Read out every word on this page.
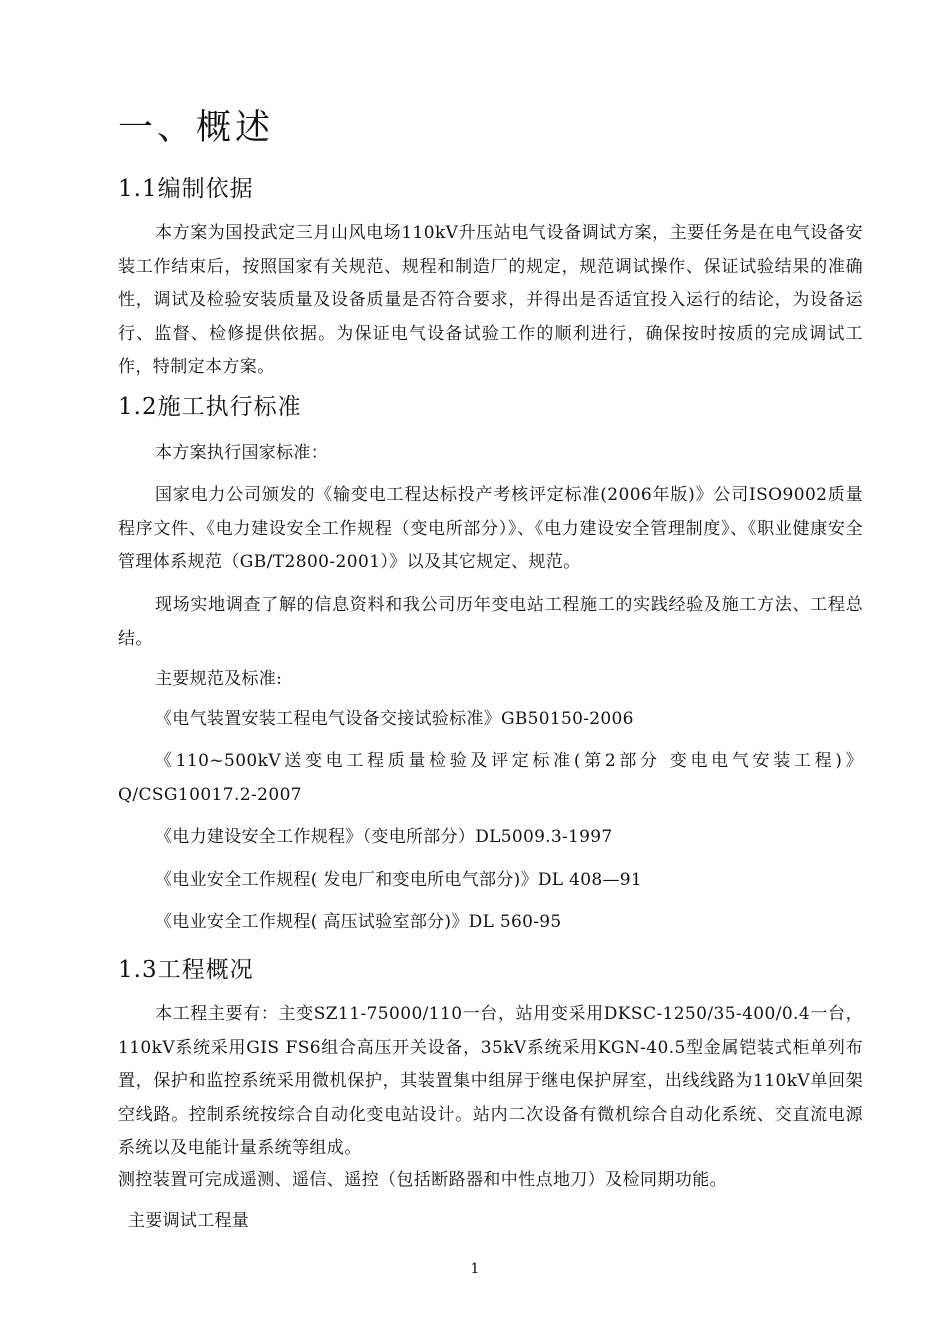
一、概述
1.1编制依据

本方案为国投武定三月山风电场110kV升压站电气设备调试方案，主要任务是在电气设备安装工作结束后，按照国家有关规范、规程和制造厂的规定，规范调试操作、保证试验结果的准确性，调试及检验安装质量及设备质量是否符合要求，并得出是否适宜投入运行的结论，为设备运行、监督、检修提供依据。为保证电气设备试验工作的顺利进行，确保按时按质的完成调试工作，特制定本方案。

1.2施工执行标准
本方案执行国家标准：

国家电力公司颁发的《输变电工程达标投产考核评定标准(2006年版)》公司ISO9002质量程序文件、《电力建设安全工作规程（变电所部分）》、《电力建设安全管理制度》、《职业健康安全管理体系规范（GB/T2800-2001）》以及其它规定、规范。

现场实地调查了解的信息资料和我公司历年变电站工程施工的实践经验及施工方法、工程总结。

主要规范及标准:
《电气装置安装工程电气设备交接试验标准》GB50150-2006

《110~500kV送变电工程质量检验及评定标准(第2部分 变电电气安装工程)》Q/CSG10017.2-2007

《电力建设安全工作规程》（变电所部分）DL5009.3-1997
《电业安全工作规程( 发电厂和变电所电气部分)》DL 408—91
《电业安全工作规程( 高压试验室部分)》DL 560-95
1.3工程概况

本工程主要有：主变SZ11-75000/110一台，站用变采用DKSC-1250/35-400/0.4一台，110kV系统采用GIS FS6组合高压开关设备，35kV系统采用KGN-40.5型金属铠装式柜单列布置，保护和监控系统采用微机保护，其装置集中组屏于继电保护屏室，出线线路为110kV单回架空线路。控制系统按综合自动化变电站设计。站内二次设备有微机综合自动化系统、交直流电源系统以及电能计量系统等组成。

测控装置可完成遥测、遥信、遥控（包括断路器和中性点地刀）及检同期功能。

主要调试工程量
1
